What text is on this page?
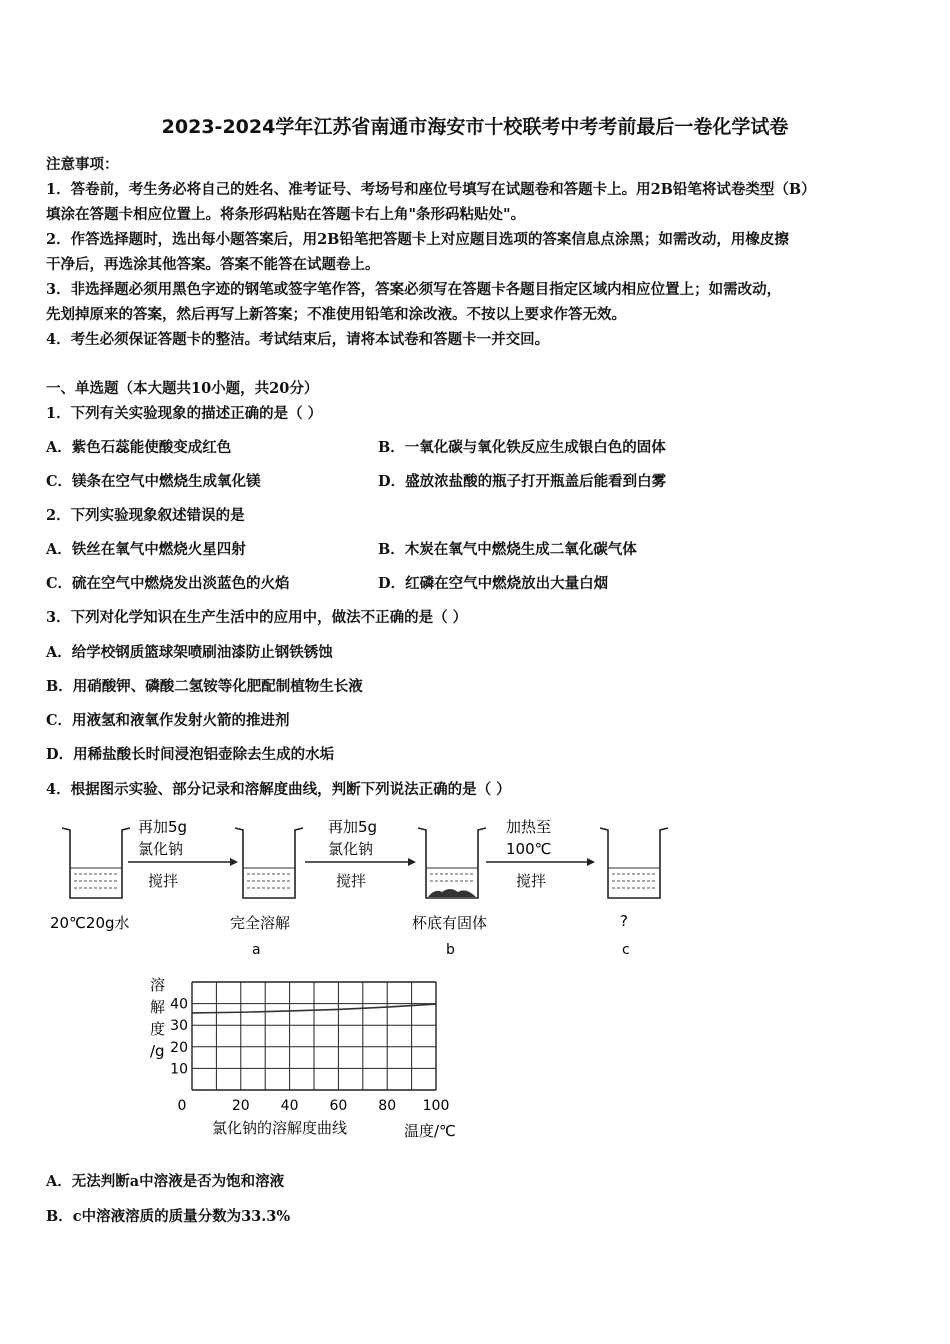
2023-2024学年江苏省南通市海安市十校联考中考考前最后一卷化学试卷
注意事项：
1．答卷前，考生务必将自己的姓名、准考证号、考场号和座位号填写在试题卷和答题卡上。用2B铅笔将试卷类型（B）
填涂在答题卡相应位置上。将条形码粘贴在答题卡右上角"条形码粘贴处"。
2．作答选择题时，选出每小题答案后，用2B铅笔把答题卡上对应题目选项的答案信息点涂黑；如需改动，用橡皮擦
干净后，再选涂其他答案。答案不能答在试题卷上。
3．非选择题必须用黑色字迹的钢笔或签字笔作答，答案必须写在答题卡各题目指定区域内相应位置上；如需改动，
先划掉原来的答案，然后再写上新答案；不准使用铅笔和涂改液。不按以上要求作答无效。
4．考生必须保证答题卡的整洁。考试结束后，请将本试卷和答题卡一并交回。
一、单选题（本大题共10小题，共20分）
1．下列有关实验现象的描述正确的是（ ）
A．紫色石蕊能使酸变成红色	B．一氧化碳与氧化铁反应生成银白色的固体
C．镁条在空气中燃烧生成氧化镁	D．盛放浓盐酸的瓶子打开瓶盖后能看到白雾
2．下列实验现象叙述错误的是
A．铁丝在氧气中燃烧火星四射	B．木炭在氧气中燃烧生成二氧化碳气体
C．硫在空气中燃烧发出淡蓝色的火焰	D．红磷在空气中燃烧放出大量白烟
3．下列对化学知识在生产生活中的应用中，做法不正确的是（ ）
A．给学校钢质篮球架喷刷油漆防止钢铁锈蚀
B．用硝酸钾、磷酸二氢铵等化肥配制植物生长液
C．用液氢和液氧作发射火箭的推进剂
D．用稀盐酸长时间浸泡铝壶除去生成的水垢
4．根据图示实验、部分记录和溶解度曲线，判断下列说法正确的是（ ）
20℃20g水
再加5g
氯化钠
搅拌
完全溶解
a
再加5g
氯化钠
搅拌
杯底有固体
b
加热至
100℃
搅拌
?
c
0	20 40 60 80 100
10
20
30
40
溶
解
度
/g
氯化钠的溶解度曲线	温度/℃
A．无法判断a中溶液是否为饱和溶液
B．c中溶液溶质的质量分数为33.3%
